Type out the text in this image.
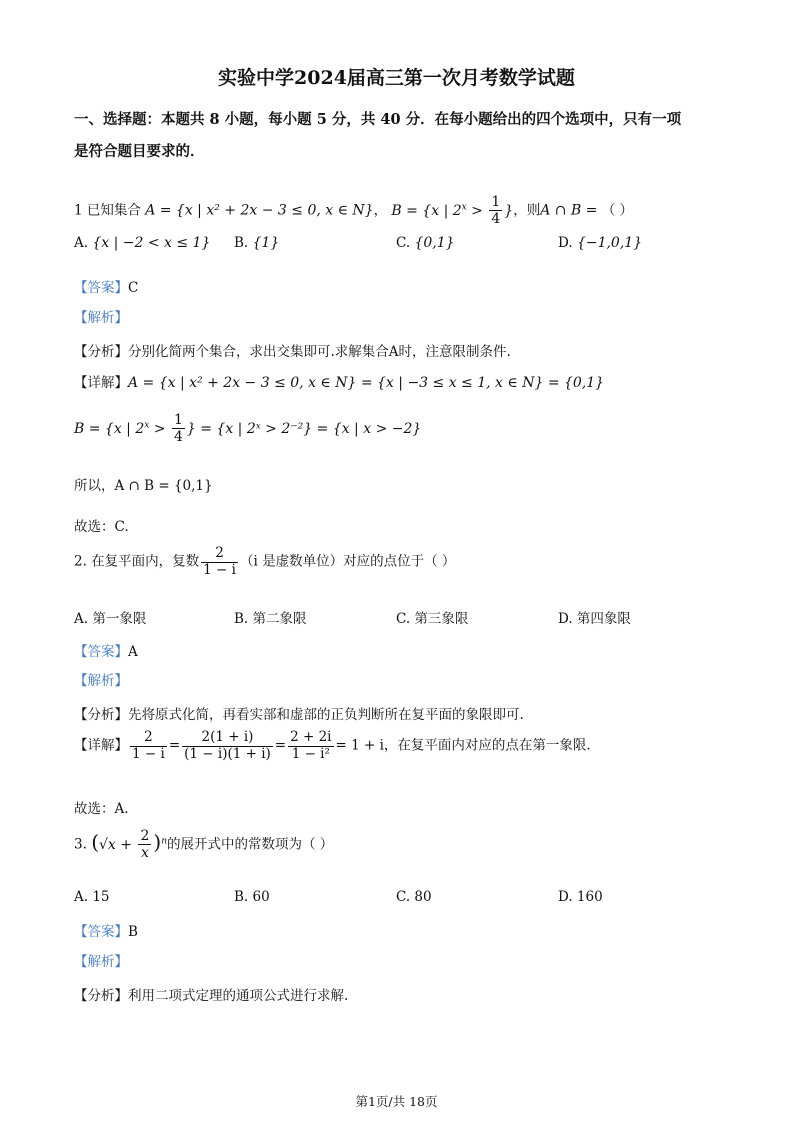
实验中学2024届高三第一次月考数学试题
一、选择题：本题共 8 小题，每小题 5 分，共 40 分．在每小题给出的四个选项中，只有一项
是符合题目要求的．
1 已知集合 A = {x | x² + 2x − 3 ≤ 0, x ∈ N}， B = {x | $2^x > \frac{1}{4}$ }，则A ∩ B = （ ）
A. {x | −2 < x ≤ 1} B. {1}	C. {0,1}	D. {−1,0,1}
【答案】C
【解析】
【分析】分别化简两个集合，求出交集即可.求解集合A时，注意限制条件.
【详解】A = {x | x² + 2x − 3 ≤ 0, x ∈ N} = {x | −3 ≤ x ≤ 1, x ∈ N} = {0,1}
B = {x | $2^x > \frac{1}{4}$ } = {x | 2ˣ > 2⁻²} = {x | x > −2}
所以，A ∩ B = {0,1}
故选：C.
2. 在复平面内，复数 $\frac{2}{1 - i} (i$ 是虚数单位）对应的点位于（ ）
A. 第一象限	B. 第二象限	C. 第三象限	D. 第四象限
【答案】A
【解析】
【分析】先将原式化简，再看实部和虚部的正负判断所在复平面的象限即可.
【详解】 $\frac{2}{1 - i} = \frac{2(1 + i)}{(1 - i)(1 + i)} = \frac{2 + 2i}{\text{1 − i²}} = 1 + i$，在复平面内对应的点在第一象限.
故选：A.
3. $(√x + \frac{2}{x} )^n$的展开式中的常数项为（ ）
A. 15	B. 60	C. 80	D. 160
【答案】B
【解析】
【分析】利用二项式定理的通项公式进行求解.
第1页/共 18页
